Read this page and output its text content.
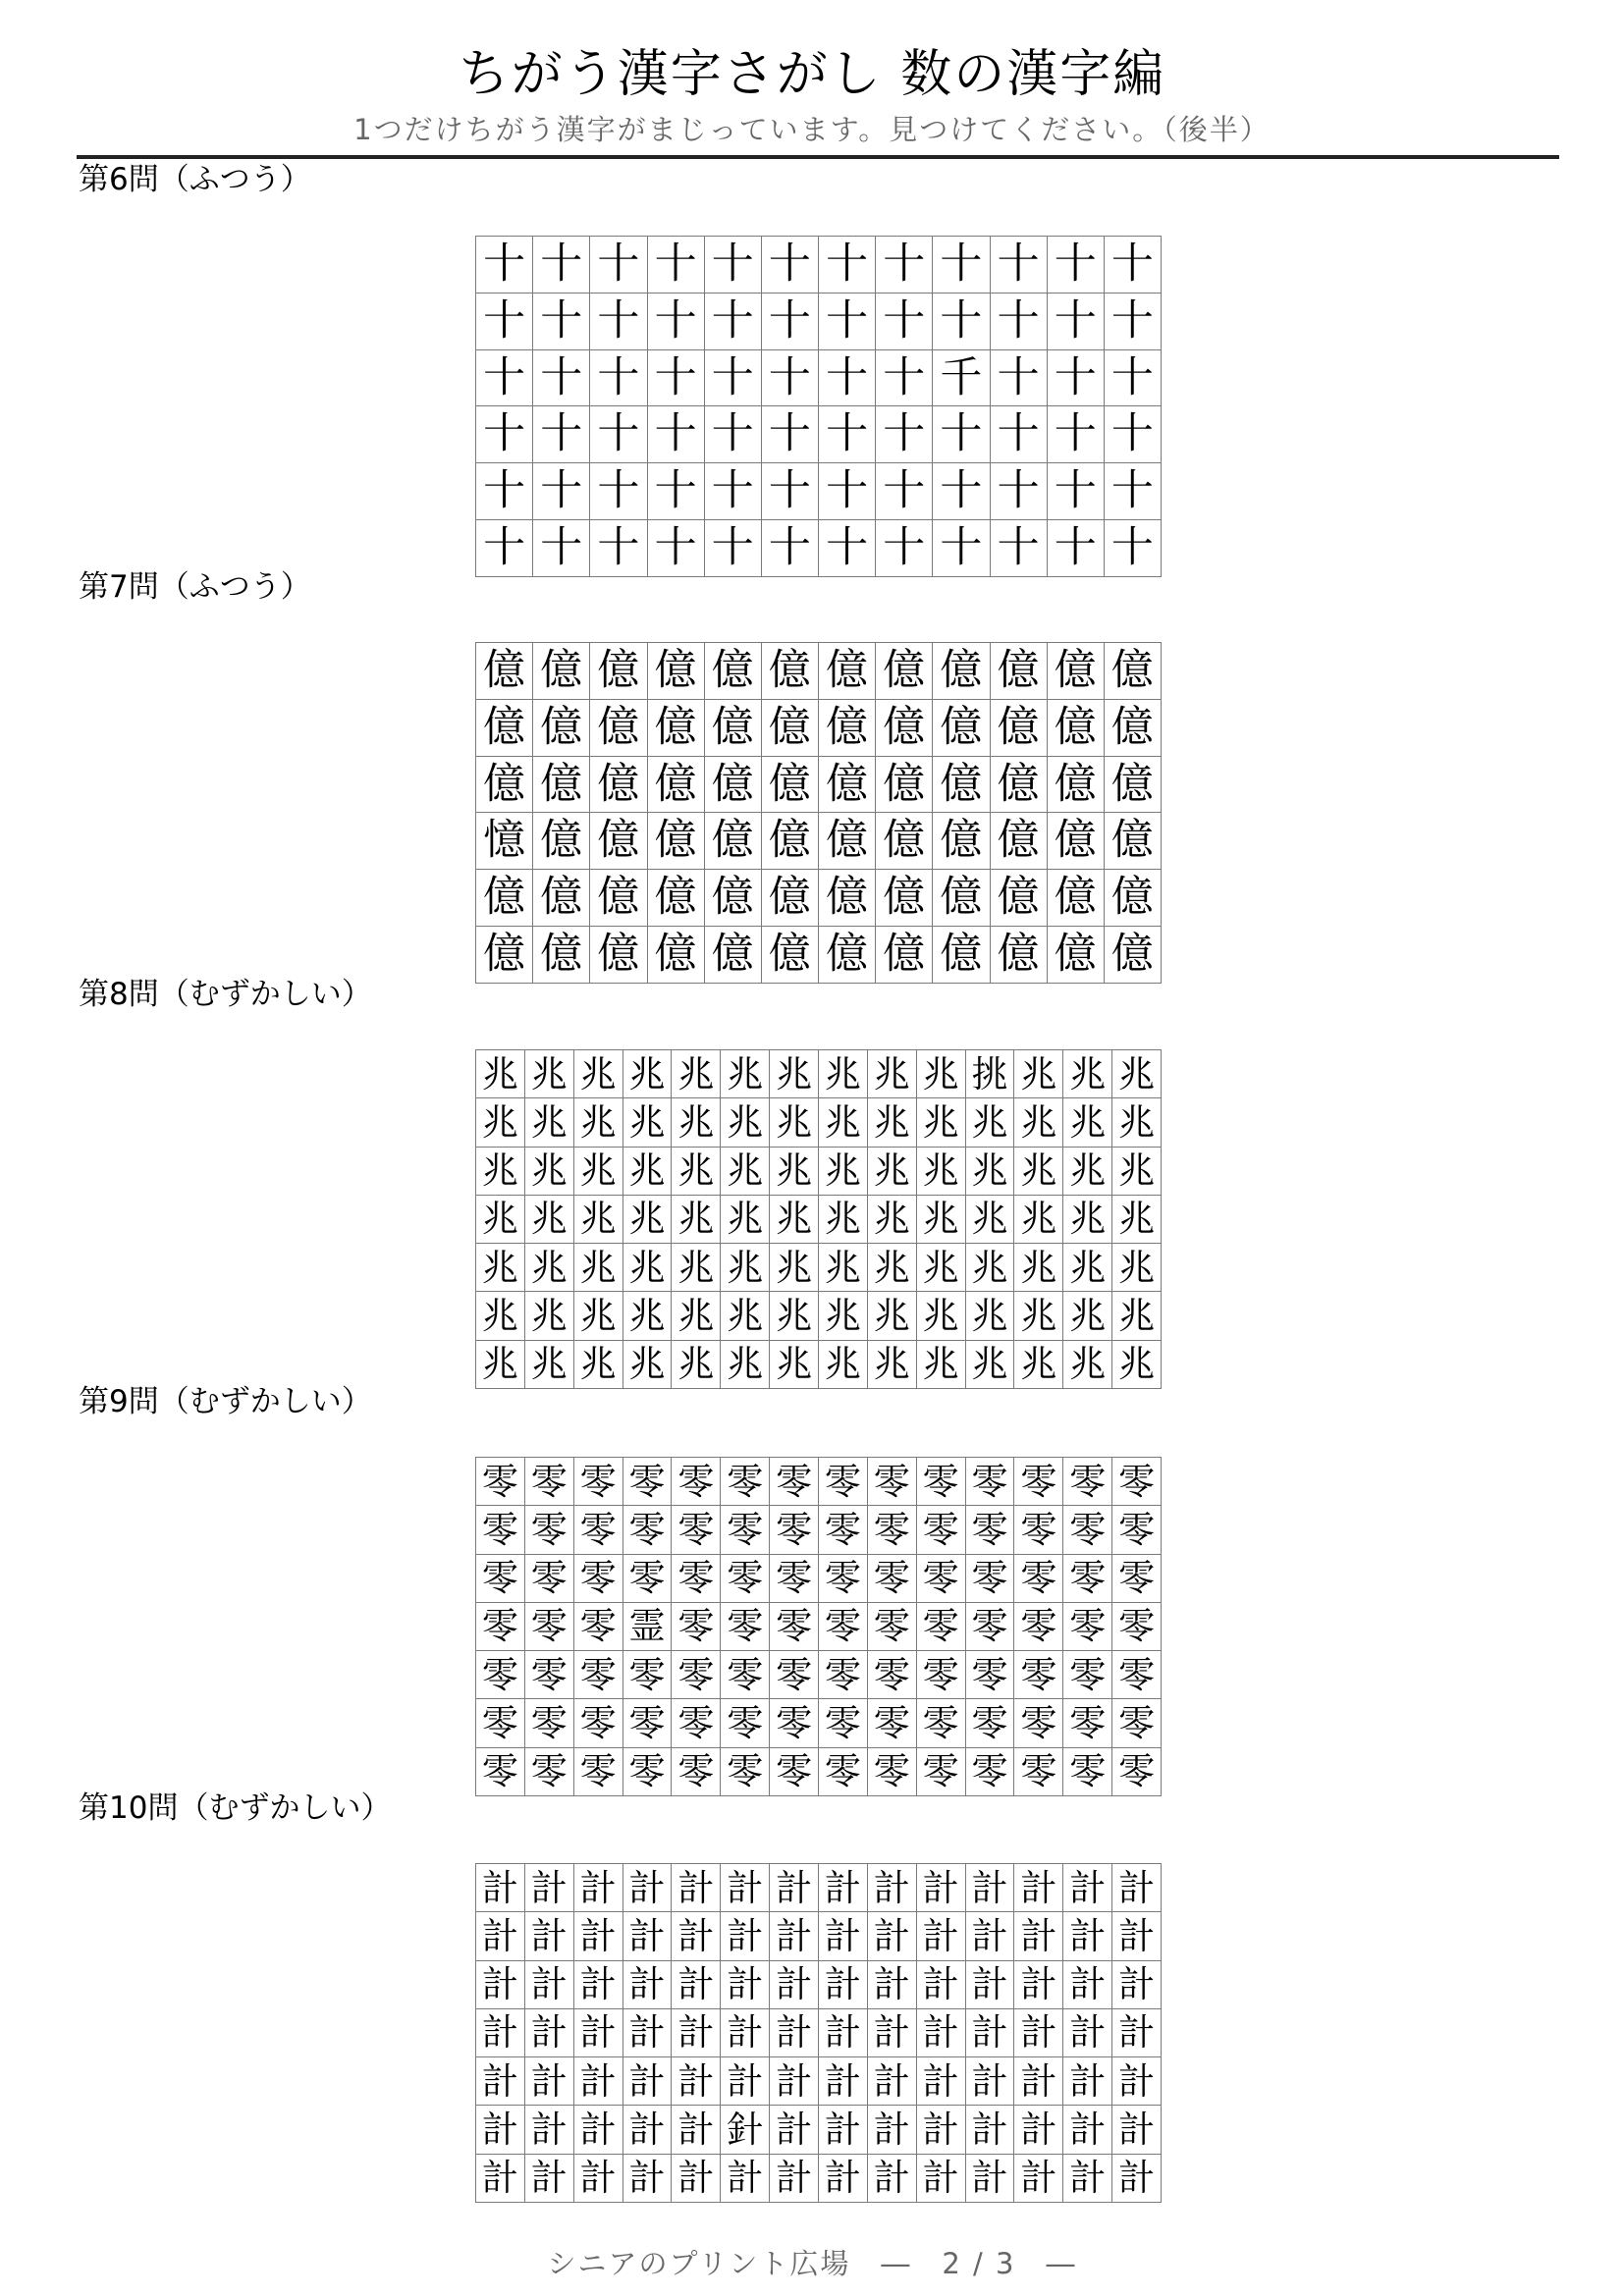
ちがう漢字さがし 数の漢字編
1つだけちがう漢字がまじっています。見つけてください。（後半）
第6問（ふつう）
十 十 十 十 十 十 十 十 十 十 十 十
十 十 十 十 十 十 十 十 十 十 十 十
十 十 十 十 十 十 十 十 千 十 十 十
十 十 十 十 十 十 十 十 十 十 十 十
十 十 十 十 十 十 十 十 十 十 十 十
十 十 十 十 十 十 十 十 十 十 十 十
第7問（ふつう）
億 億 億 億 億 億 億 億 億 億 億 億
億 億 億 億 億 億 億 億 億 億 億 億
億 億 億 億 億 億 億 億 億 億 億 億
憶 億 億 億 億 億 億 億 億 億 億 億
億 億 億 億 億 億 億 億 億 億 億 億
億 億 億 億 億 億 億 億 億 億 億 億
第8問（むずかしい）
兆 兆 兆 兆 兆 兆 兆 兆 兆 兆 挑 兆 兆 兆
兆 兆 兆 兆 兆 兆 兆 兆 兆 兆 兆 兆 兆 兆
兆 兆 兆 兆 兆 兆 兆 兆 兆 兆 兆 兆 兆 兆
兆 兆 兆 兆 兆 兆 兆 兆 兆 兆 兆 兆 兆 兆
兆 兆 兆 兆 兆 兆 兆 兆 兆 兆 兆 兆 兆 兆
兆 兆 兆 兆 兆 兆 兆 兆 兆 兆 兆 兆 兆 兆
兆 兆 兆 兆 兆 兆 兆 兆 兆 兆 兆 兆 兆 兆
第9問（むずかしい）
零 零 零 零 零 零 零 零 零 零 零 零 零 零
零 零 零 零 零 零 零 零 零 零 零 零 零 零
零 零 零 零 零 零 零 零 零 零 零 零 零 零
零 零 零 霊 零 零 零 零 零 零 零 零 零 零
零 零 零 零 零 零 零 零 零 零 零 零 零 零
零 零 零 零 零 零 零 零 零 零 零 零 零 零
零 零 零 零 零 零 零 零 零 零 零 零 零 零
第10問（むずかしい）
計 計 計 計 計 計 計 計 計 計 計 計 計 計
計 計 計 計 計 計 計 計 計 計 計 計 計 計
計 計 計 計 計 計 計 計 計 計 計 計 計 計
計 計 計 計 計 計 計 計 計 計 計 計 計 計
計 計 計 計 計 計 計 計 計 計 計 計 計 計
計 計 計 計 計 針 計 計 計 計 計 計 計 計
計 計 計 計 計 計 計 計 計 計 計 計 計 計
シニアのプリント広場　―　2 / 3　―
